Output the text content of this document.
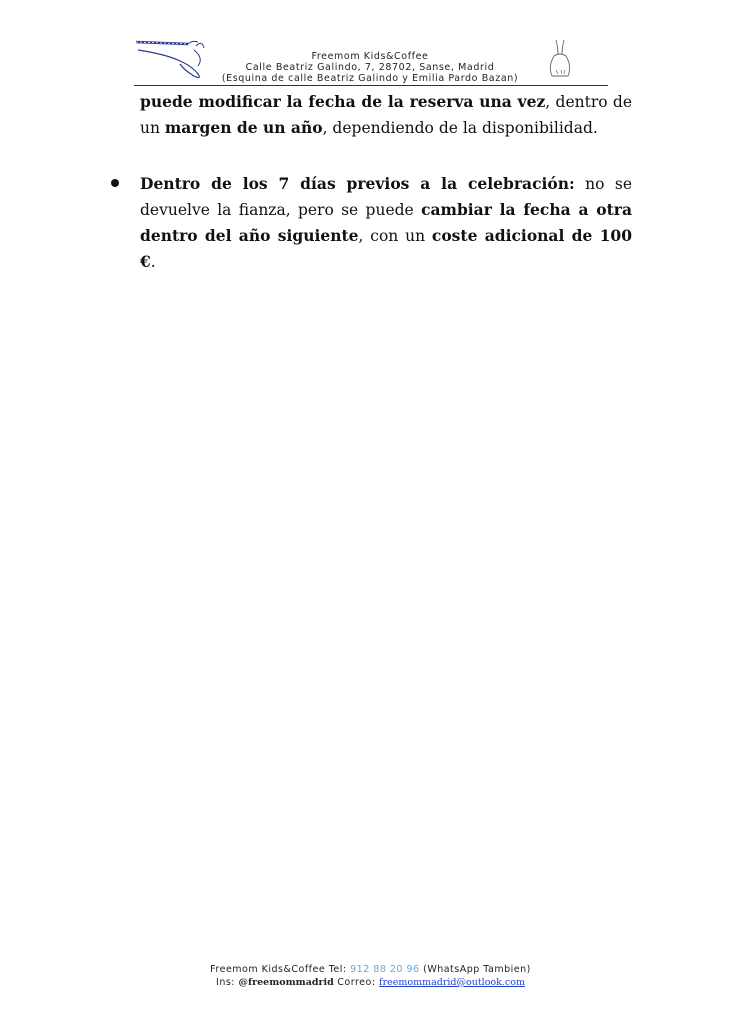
Freemom Kids&Coffee
Calle Beatriz Galindo, 7, 28702, Sanse, Madrid
(Esquina de calle Beatriz Galindo y Emilia Pardo Bazan)
puede modificar la fecha de la reserva una vez, dentro de un margen de un año, dependiendo de la disponibilidad.
Dentro de los 7 días previos a la celebración: no se devuelve la fianza, pero se puede cambiar la fecha a otra dentro del año siguiente, con un coste adicional de 100 €.
Freemom Kids&Coffee Tel: 912 88 20 96 (WhatsApp Tambien)
Ins: @freemommadrid Correo: freemommadrid@outlook.com
